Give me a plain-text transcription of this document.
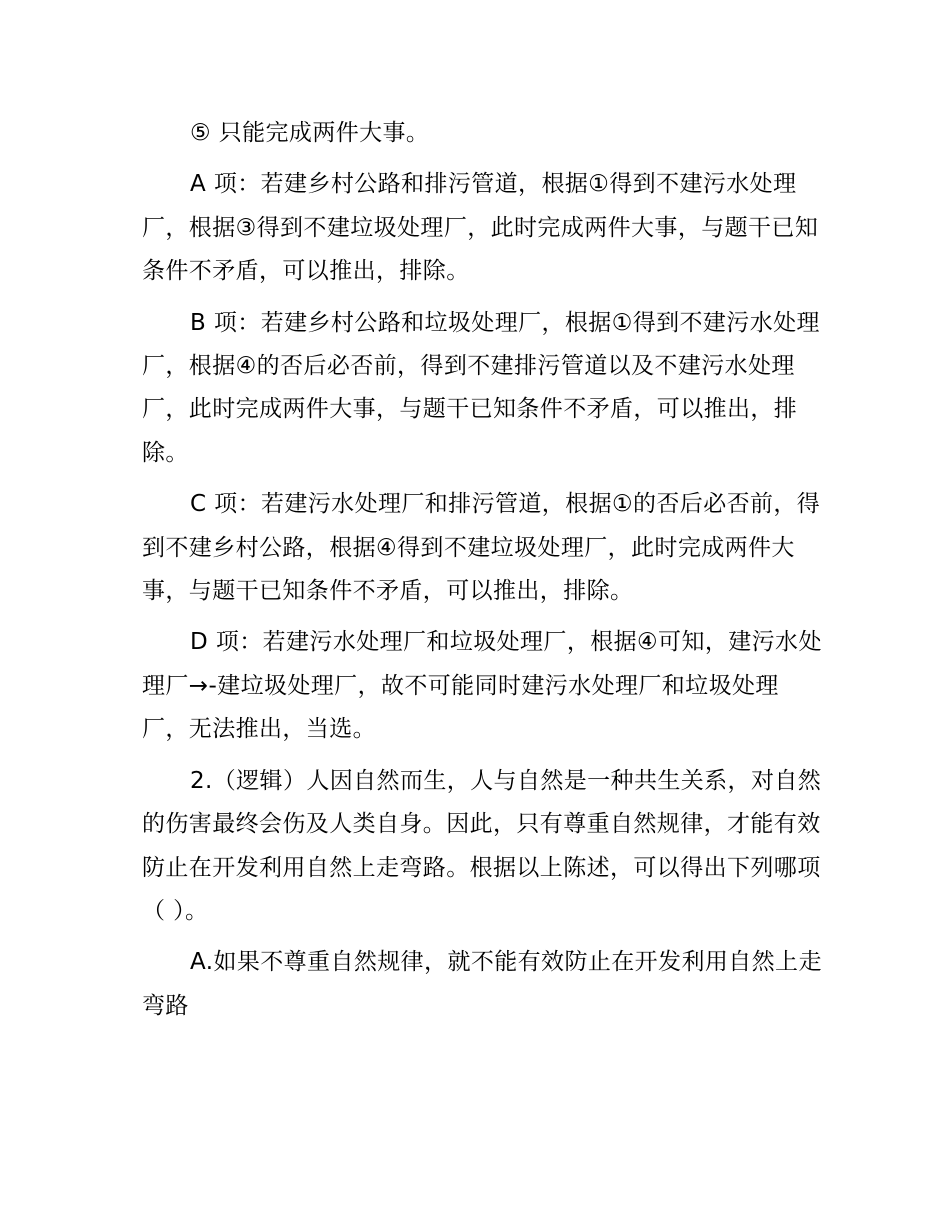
⑤ 只能完成两件大事。

A 项：若建乡村公路和排污管道，根据①得到不建污水处理厂，根据③得到不建垃圾处理厂，此时完成两件大事，与题干已知条件不矛盾，可以推出，排除。

B 项：若建乡村公路和垃圾处理厂，根据①得到不建污水处理厂，根据④的否后必否前，得到不建排污管道以及不建污水处理厂，此时完成两件大事，与题干已知条件不矛盾，可以推出，排除。

C 项：若建污水处理厂和排污管道，根据①的否后必否前，得到不建乡村公路，根据④得到不建垃圾处理厂，此时完成两件大事，与题干已知条件不矛盾，可以推出，排除。

D 项：若建污水处理厂和垃圾处理厂，根据④可知，建污水处理厂→-建垃圾处理厂，故不可能同时建污水处理厂和垃圾处理厂，无法推出，当选。

2.（逻辑）人因自然而生，人与自然是一种共生关系，对自然的伤害最终会伤及人类自身。因此，只有尊重自然规律，才能有效防止在开发利用自然上走弯路。根据以上陈述，可以得出下列哪项（ ）。

A.如果不尊重自然规律，就不能有效防止在开发利用自然上走弯路
